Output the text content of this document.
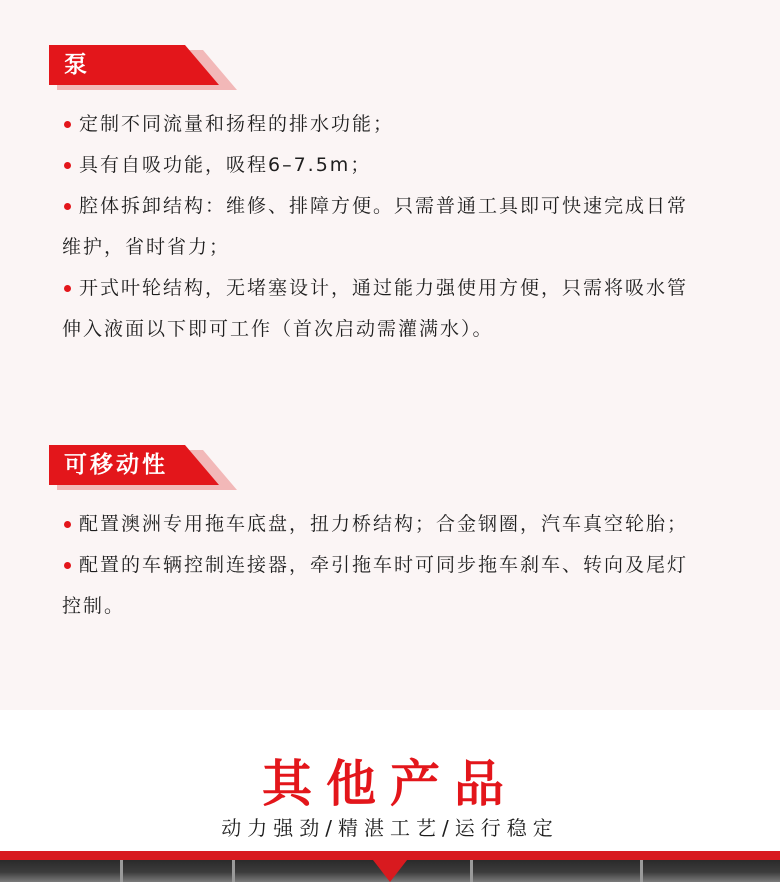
泵
定制不同流量和扬程的排水功能；
具有自吸功能，吸程6–7.5m；
腔体拆卸结构：维修、排障方便。只需普通工具即可快速完成日常
维护，省时省力；
开式叶轮结构，无堵塞设计，通过能力强使用方便，只需将吸水管
伸入液面以下即可工作（首次启动需灌满水）。
可移动性
配置澳洲专用拖车底盘，扭力桥结构；合金钢圈，汽车真空轮胎；
配置的车辆控制连接器，牵引拖车时可同步拖车刹车、转向及尾灯
控制。
其他产品
动力强劲/精湛工艺/运行稳定
